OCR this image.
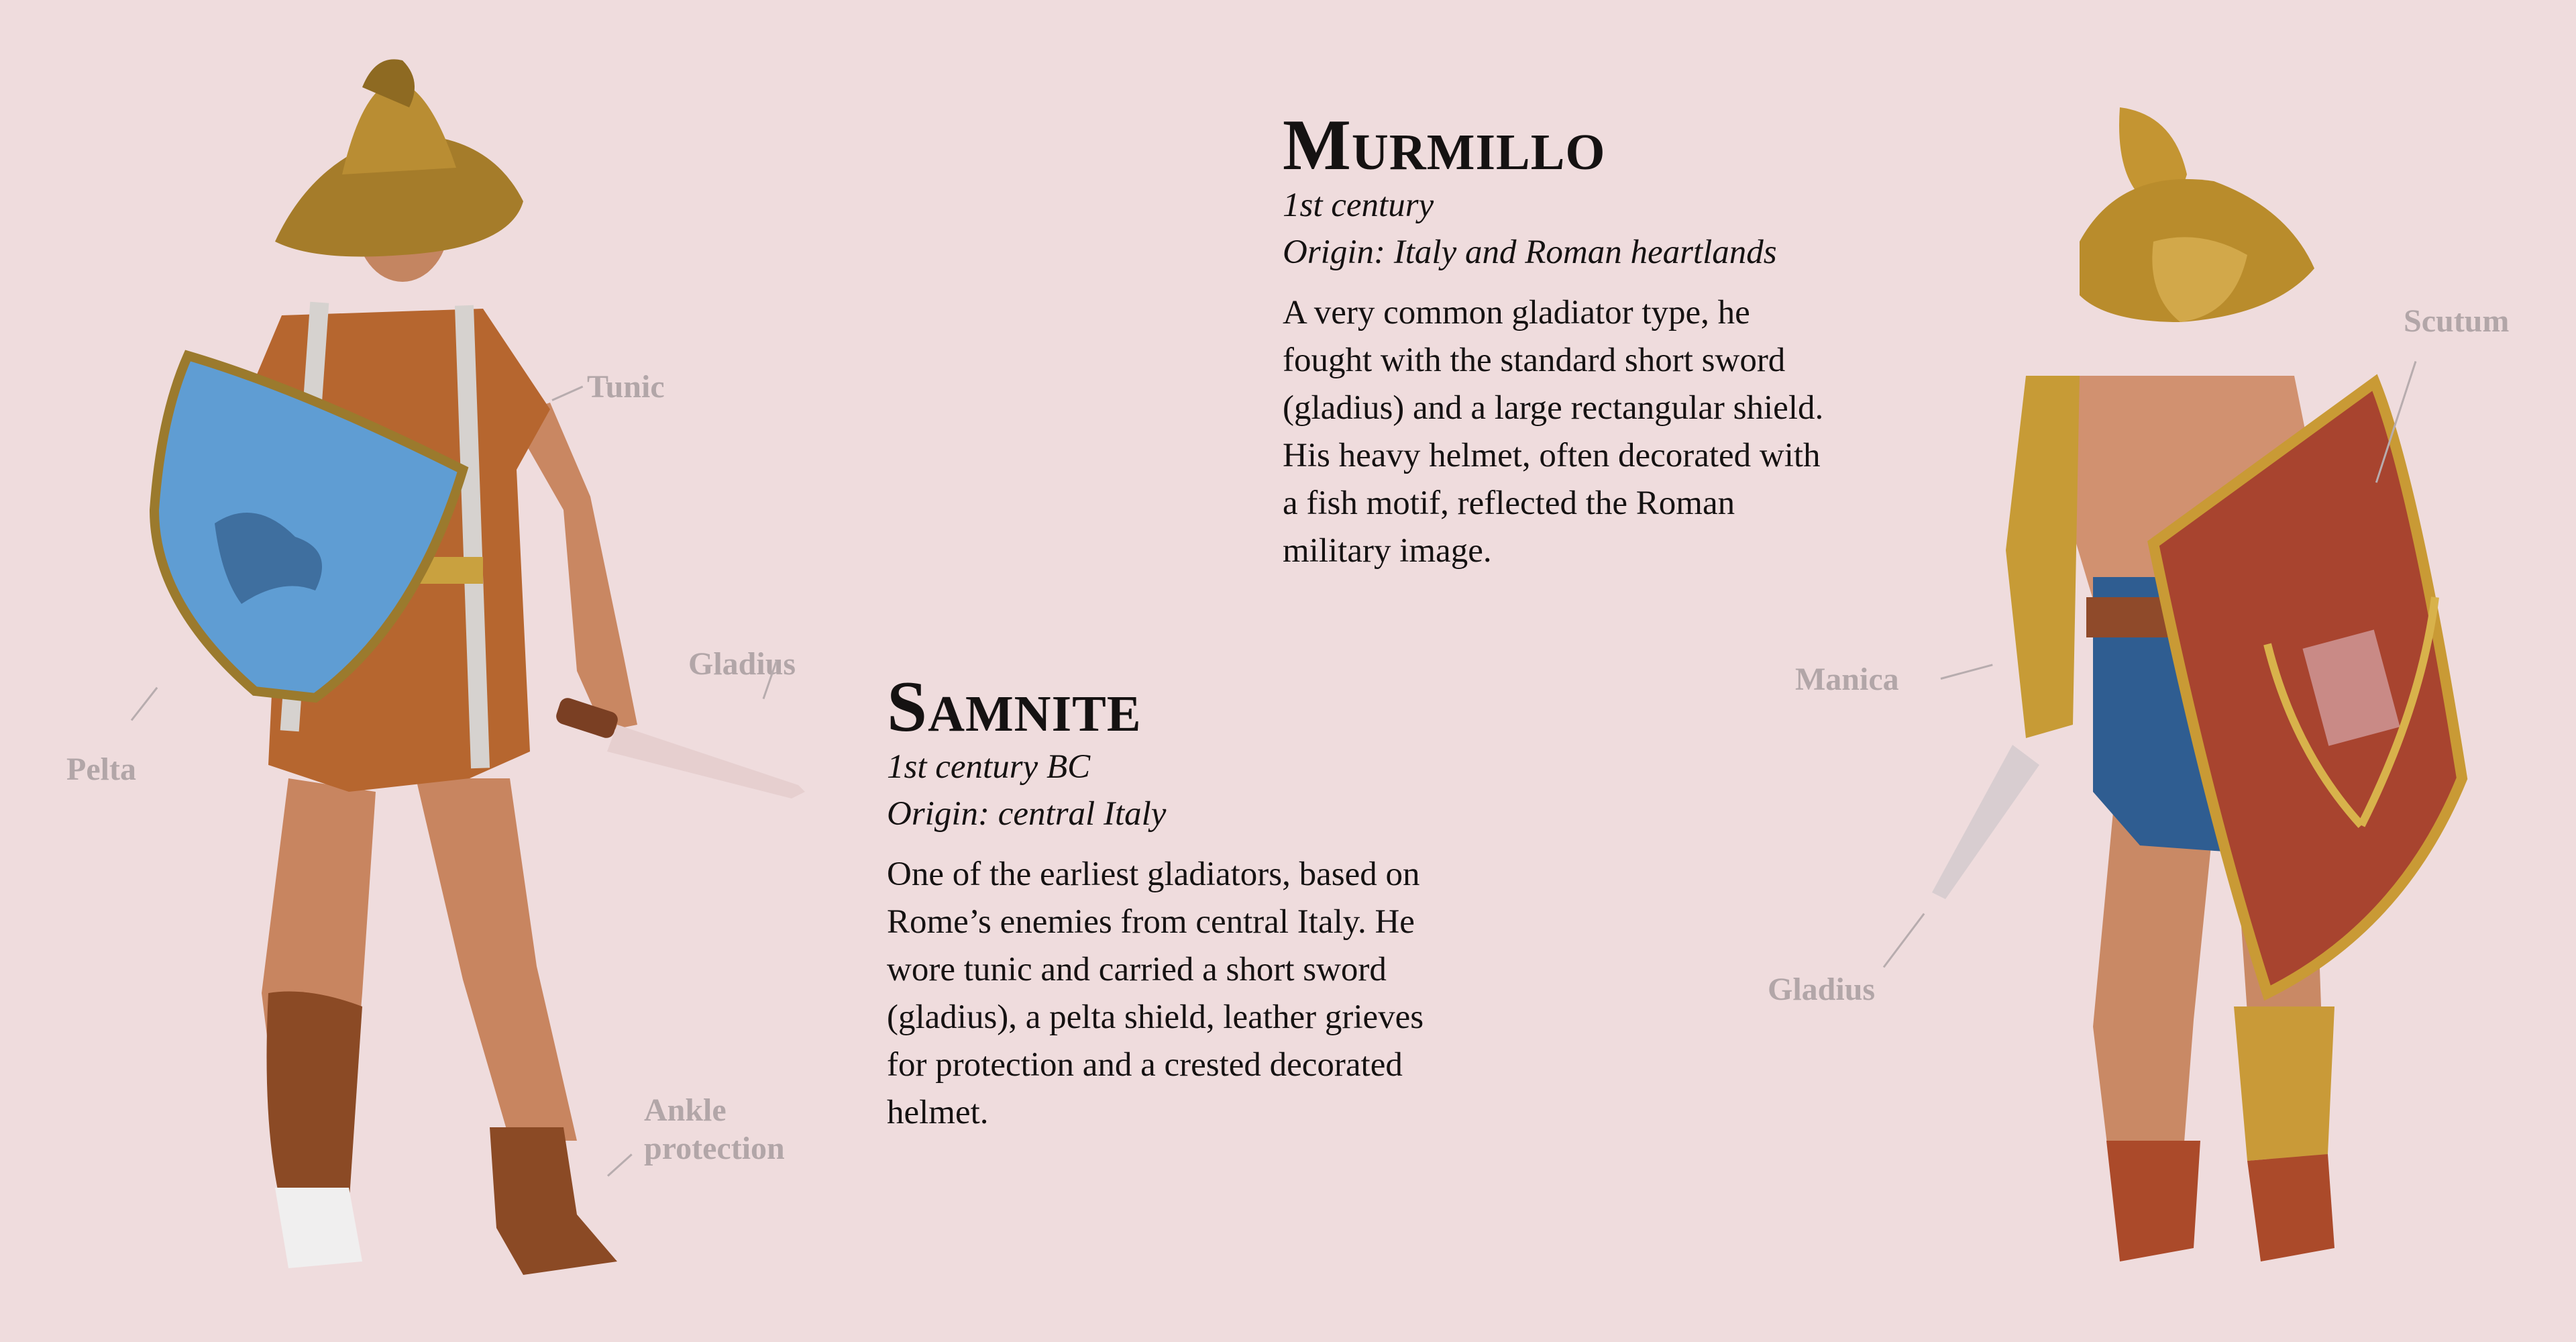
Tunic
Gladius
Pelta
Ankle
protection
Scutum
Manica
Gladius
Murmillo
1st century
Origin: Italy and Roman heartlands
A very common gladiator type, he
fought with the standard short sword
(gladius) and a large rectangular shield.
His heavy helmet, often decorated with
a fish motif, reflected the Roman
military image.
Samnite
1st century BC
Origin: central Italy
One of the earliest gladiators, based on
Rome’s enemies from central Italy. He
wore tunic and carried a short sword
(gladius), a pelta shield, leather grieves
for protection and a crested decorated
helmet.
